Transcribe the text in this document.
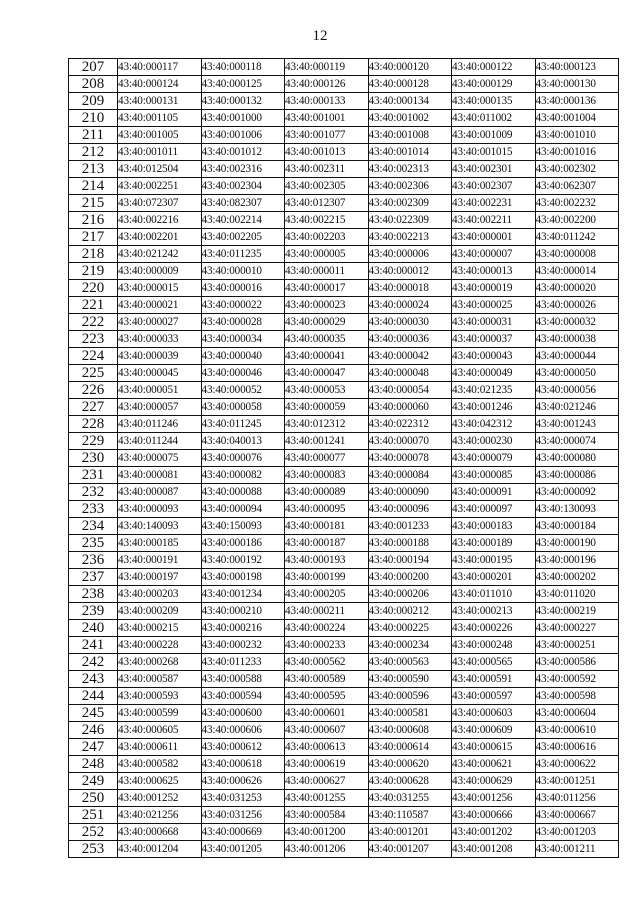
12
207	43:40:000117	43:40:000118	43:40:000119	43:40:000120	43:40:000122	43:40:000123
208	43:40:000124	43:40:000125	43:40:000126	43:40:000128	43:40:000129	43:40:000130
209	43:40:000131	43:40:000132	43:40:000133	43:40:000134	43:40:000135	43:40:000136
210	43:40:001105	43:40:001000	43:40:001001	43:40:001002	43:40:011002	43:40:001004
211	43:40:001005	43:40:001006	43:40:001077	43:40:001008	43:40:001009	43:40:001010
212	43:40:001011	43:40:001012	43:40:001013	43:40:001014	43:40:001015	43:40:001016
213	43:40:012504	43:40:002316	43:40:002311	43:40:002313	43:40:002301	43:40:002302
214	43:40:002251	43:40:002304	43:40:002305	43:40:002306	43:40:002307	43:40:062307
215	43:40:072307	43:40:082307	43:40:012307	43:40:002309	43:40:002231	43:40:002232
216	43:40:002216	43:40:002214	43:40:002215	43:40:022309	43:40:002211	43:40:002200
217	43:40:002201	43:40:002205	43:40:002203	43:40:002213	43:40:000001	43:40:011242
218	43:40:021242	43:40:011235	43:40:000005	43:40:000006	43:40:000007	43:40:000008
219	43:40:000009	43:40:000010	43:40:000011	43:40:000012	43:40:000013	43:40:000014
220	43:40:000015	43:40:000016	43:40:000017	43:40:000018	43:40:000019	43:40:000020
221	43:40:000021	43:40:000022	43:40:000023	43:40:000024	43:40:000025	43:40:000026
222	43:40:000027	43:40:000028	43:40:000029	43:40:000030	43:40:000031	43:40:000032
223	43:40:000033	43:40:000034	43:40:000035	43:40:000036	43:40:000037	43:40:000038
224	43:40:000039	43:40:000040	43:40:000041	43:40:000042	43:40:000043	43:40:000044
225	43:40:000045	43:40:000046	43:40:000047	43:40:000048	43:40:000049	43:40:000050
226	43:40:000051	43:40:000052	43:40:000053	43:40:000054	43:40:021235	43:40:000056
227	43:40:000057	43:40:000058	43:40:000059	43:40:000060	43:40:001246	43:40:021246
228	43:40:011246	43:40:011245	43:40:012312	43:40:022312	43:40:042312	43:40:001243
229	43:40:011244	43:40:040013	43:40:001241	43:40:000070	43:40:000230	43:40:000074
230	43:40:000075	43:40:000076	43:40:000077	43:40:000078	43:40:000079	43:40:000080
231	43:40:000081	43:40:000082	43:40:000083	43:40:000084	43:40:000085	43:40:000086
232	43:40:000087	43:40:000088	43:40:000089	43:40:000090	43:40:000091	43:40:000092
233	43:40:000093	43:40:000094	43:40:000095	43:40:000096	43:40:000097	43:40:130093
234	43:40:140093	43:40:150093	43:40:000181	43:40:001233	43:40:000183	43:40:000184
235	43:40:000185	43:40:000186	43:40:000187	43:40:000188	43:40:000189	43:40:000190
236	43:40:000191	43:40:000192	43:40:000193	43:40:000194	43:40:000195	43:40:000196
237	43:40:000197	43:40:000198	43:40:000199	43:40:000200	43:40:000201	43:40:000202
238	43:40:000203	43:40:001234	43:40:000205	43:40:000206	43:40:011010	43:40:011020
239	43:40:000209	43:40:000210	43:40:000211	43:40:000212	43:40:000213	43:40:000219
240	43:40:000215	43:40:000216	43:40:000224	43:40:000225	43:40:000226	43:40:000227
241	43:40:000228	43:40:000232	43:40:000233	43:40:000234	43:40:000248	43:40:000251
242	43:40:000268	43:40:011233	43:40:000562	43:40:000563	43:40:000565	43:40:000586
243	43:40:000587	43:40:000588	43:40:000589	43:40:000590	43:40:000591	43:40:000592
244	43:40:000593	43:40:000594	43:40:000595	43:40:000596	43:40:000597	43:40:000598
245	43:40:000599	43:40:000600	43:40:000601	43:40:000581	43:40:000603	43:40:000604
246	43:40:000605	43:40:000606	43:40:000607	43:40:000608	43:40:000609	43:40:000610
247	43:40:000611	43:40:000612	43:40:000613	43:40:000614	43:40:000615	43:40:000616
248	43:40:000582	43:40:000618	43:40:000619	43:40:000620	43:40:000621	43:40:000622
249	43:40:000625	43:40:000626	43:40:000627	43:40:000628	43:40:000629	43:40:001251
250	43:40:001252	43:40:031253	43:40:001255	43:40:031255	43:40:001256	43:40:011256
251	43:40:021256	43:40:031256	43:40:000584	43:40:110587	43:40:000666	43:40:000667
252	43:40:000668	43:40:000669	43:40:001200	43:40:001201	43:40:001202	43:40:001203
253	43:40:001204	43:40:001205	43:40:001206	43:40:001207	43:40:001208	43:40:001211
